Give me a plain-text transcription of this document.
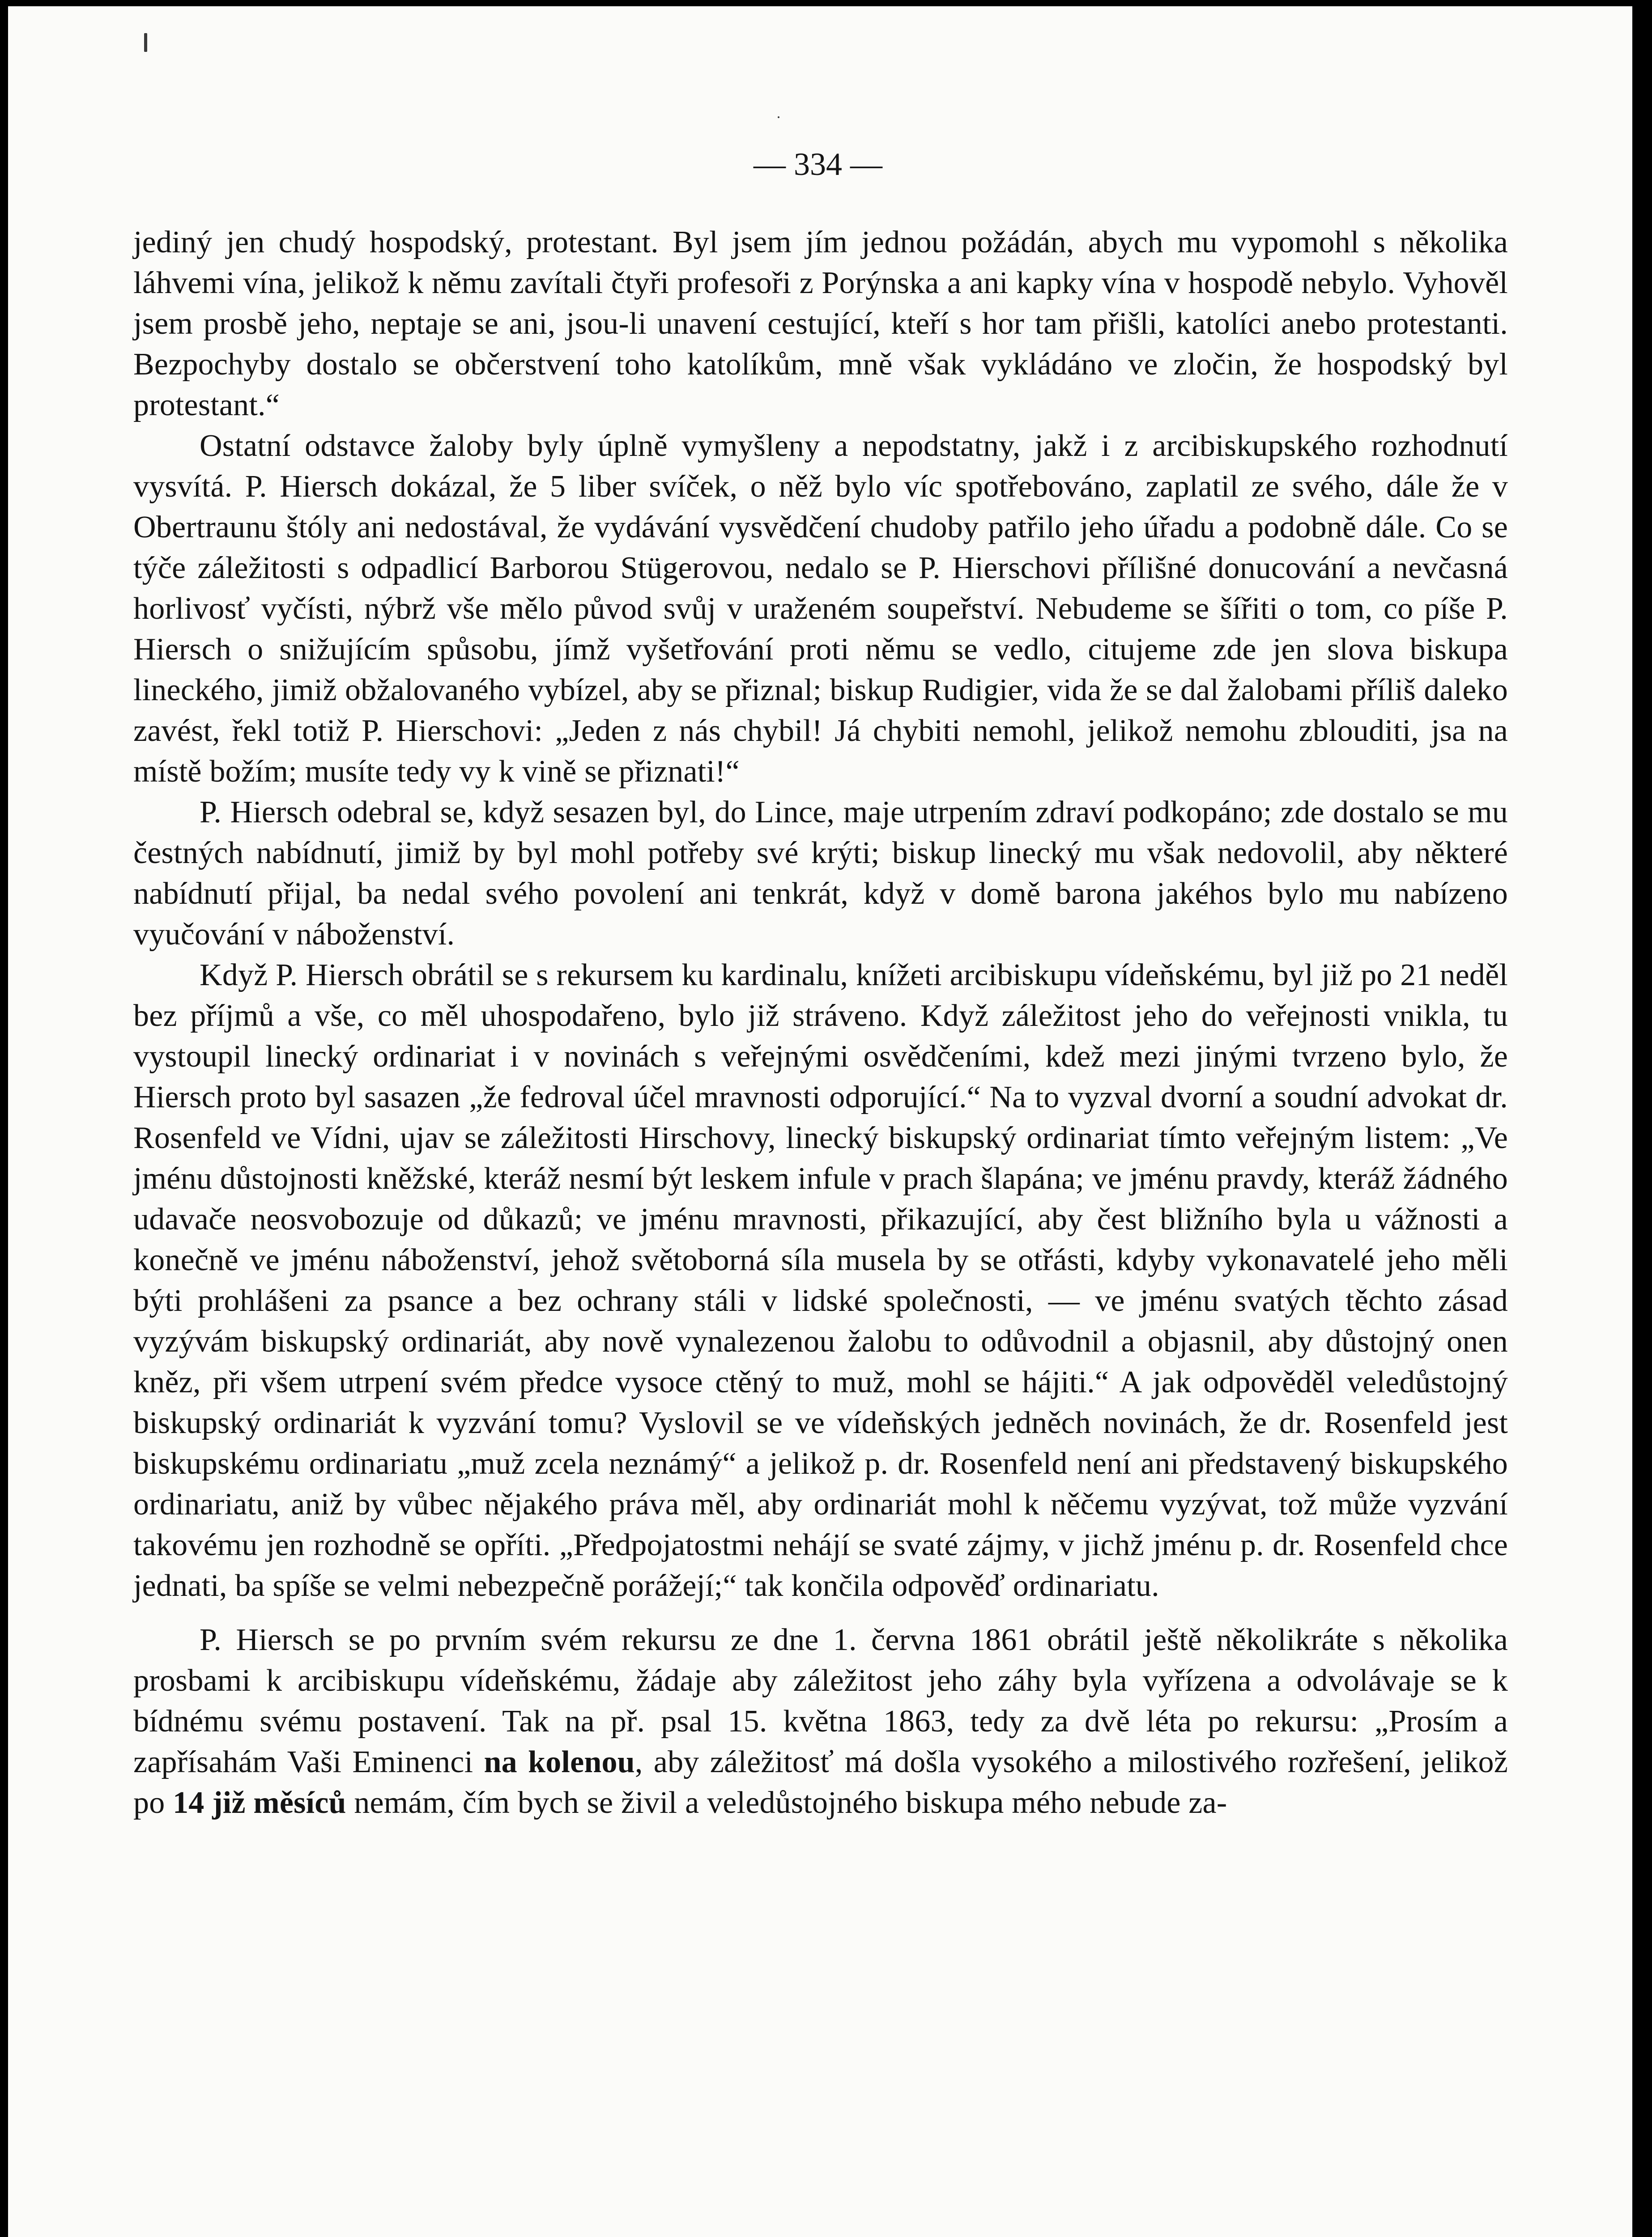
— 334 —

jediný jen chudý hospodský, protestant. Byl jsem jím jednou požádán, abych mu vypomohl s několika láhvemi vína, jelikož k němu zavítali čtyři profesoři z Porýnska a ani kapky vína v hospodě nebylo. Vyhověl jsem prosbě jeho, neptaje se ani, jsou-li unavení cestující, kteří s hor tam přišli, katolíci anebo protestanti. Bezpochyby dostalo se občerstvení toho katolíkům, mně však vykládáno ve zločin, že hospodský byl protestant.“

Ostatní odstavce žaloby byly úplně vymyšleny a nepodstatny, jakž i z arcibiskupského rozhodnutí vysvítá. P. Hiersch dokázal, že 5 liber svíček, o něž bylo víc spotřebováno, zaplatil ze svého, dále že v Obertraunu štóly ani nedostával, že vydávání vysvědčení chudoby patřilo jeho úřadu a podobně dále. Co se týče záležitosti s odpadlicí Barborou Stügerovou, nedalo se P. Hierschovi přílišné donucování a nevčasná horlivosť vyčísti, nýbrž vše mělo původ svůj v uraženém soupeřství. Nebudeme se šířiti o tom, co píše P. Hiersch o snižujícím spůsobu, jímž vyšetřování proti němu se vedlo, citujeme zde jen slova biskupa lineckého, jimiž obžalovaného vybízel, aby se přiznal; biskup Rudigier, vida že se dal žalobami příliš daleko zavést, řekl totiž P. Hierschovi: „Jeden z nás chybil! Já chybiti nemohl, jelikož nemohu zblouditi, jsa na místě božím; musíte tedy vy k vině se přiznati!“

P. Hiersch odebral se, když sesazen byl, do Lince, maje utrpením zdraví podkopáno; zde dostalo se mu čestných nabídnutí, jimiž by byl mohl potřeby své krýti; biskup linecký mu však nedovolil, aby některé nabídnutí přijal, ba nedal svého povolení ani tenkrát, když v domě barona jakéhos bylo mu nabízeno vyučování v náboženství.

Když P. Hiersch obrátil se s rekursem ku kardinalu, knížeti arcibiskupu vídeňskému, byl již po 21 neděl bez příjmů a vše, co měl uhospodařeno, bylo již stráveno. Když záležitost jeho do veřejnosti vnikla, tu vystoupil linecký ordinariat i v novinách s veřejnými osvědčeními, kdež mezi jinými tvrzeno bylo, že Hiersch proto byl sasazen „že fedroval účel mravnosti odporující.“ Na to vyzval dvorní a soudní advokat dr. Rosenfeld ve Vídni, ujav se záležitosti Hirschovy, linecký biskupský ordinariat tímto veřejným listem: „Ve jménu důstojnosti kněžské, kteráž nesmí být leskem infule v prach šlapána; ve jménu pravdy, kteráž žádného udavače neosvobozuje od důkazů; ve jménu mravnosti, přikazující, aby čest bližního byla u vážnosti a konečně ve jménu náboženství, jehož světoborná síla musela by se otřásti, kdyby vykonavatelé jeho měli býti prohlášeni za psance a bez ochrany stáli v lidské společnosti, — ve jménu svatých těchto zásad vyzývám biskupský ordinariát, aby nově vynalezenou žalobu to odůvodnil a objasnil, aby důstojný onen kněz, při všem utrpení svém předce vysoce ctěný to muž, mohl se hájiti.“ A jak odpověděl veledůstojný biskupský ordinariát k vyzvání tomu? Vyslovil se ve vídeňských jedněch novinách, že dr. Rosenfeld jest biskupskému ordinariatu „muž zcela neznámý“ a jelikož p. dr. Rosenfeld není ani představený biskupského ordinariatu, aniž by vůbec nějakého práva měl, aby ordinariát mohl k něčemu vyzývat, tož může vyzvání takovému jen rozhodně se opříti. „Předpojatostmi nehájí se svaté zájmy, v jichž jménu p. dr. Rosenfeld chce jednati, ba spíše se velmi nebezpečně porážejí;“ tak končila odpověď ordinariatu.

P. Hiersch se po prvním svém rekursu ze dne 1. června 1861 obrátil ještě několikráte s několika prosbami k arcibiskupu vídeňskému, žádaje aby záležitost jeho záhy byla vyřízena a odvolávaje se k bídnému svému postavení. Tak na př. psal 15. května 1863, tedy za dvě léta po rekursu: „Prosím a zapřísahám Vaši Eminenci na kolenou, aby záležitosť má došla vysokého a milostivého rozřešení, jelikož po 14 již měsíců nemám, čím bych se živil a veledůstojného biskupa mého nebude za-
